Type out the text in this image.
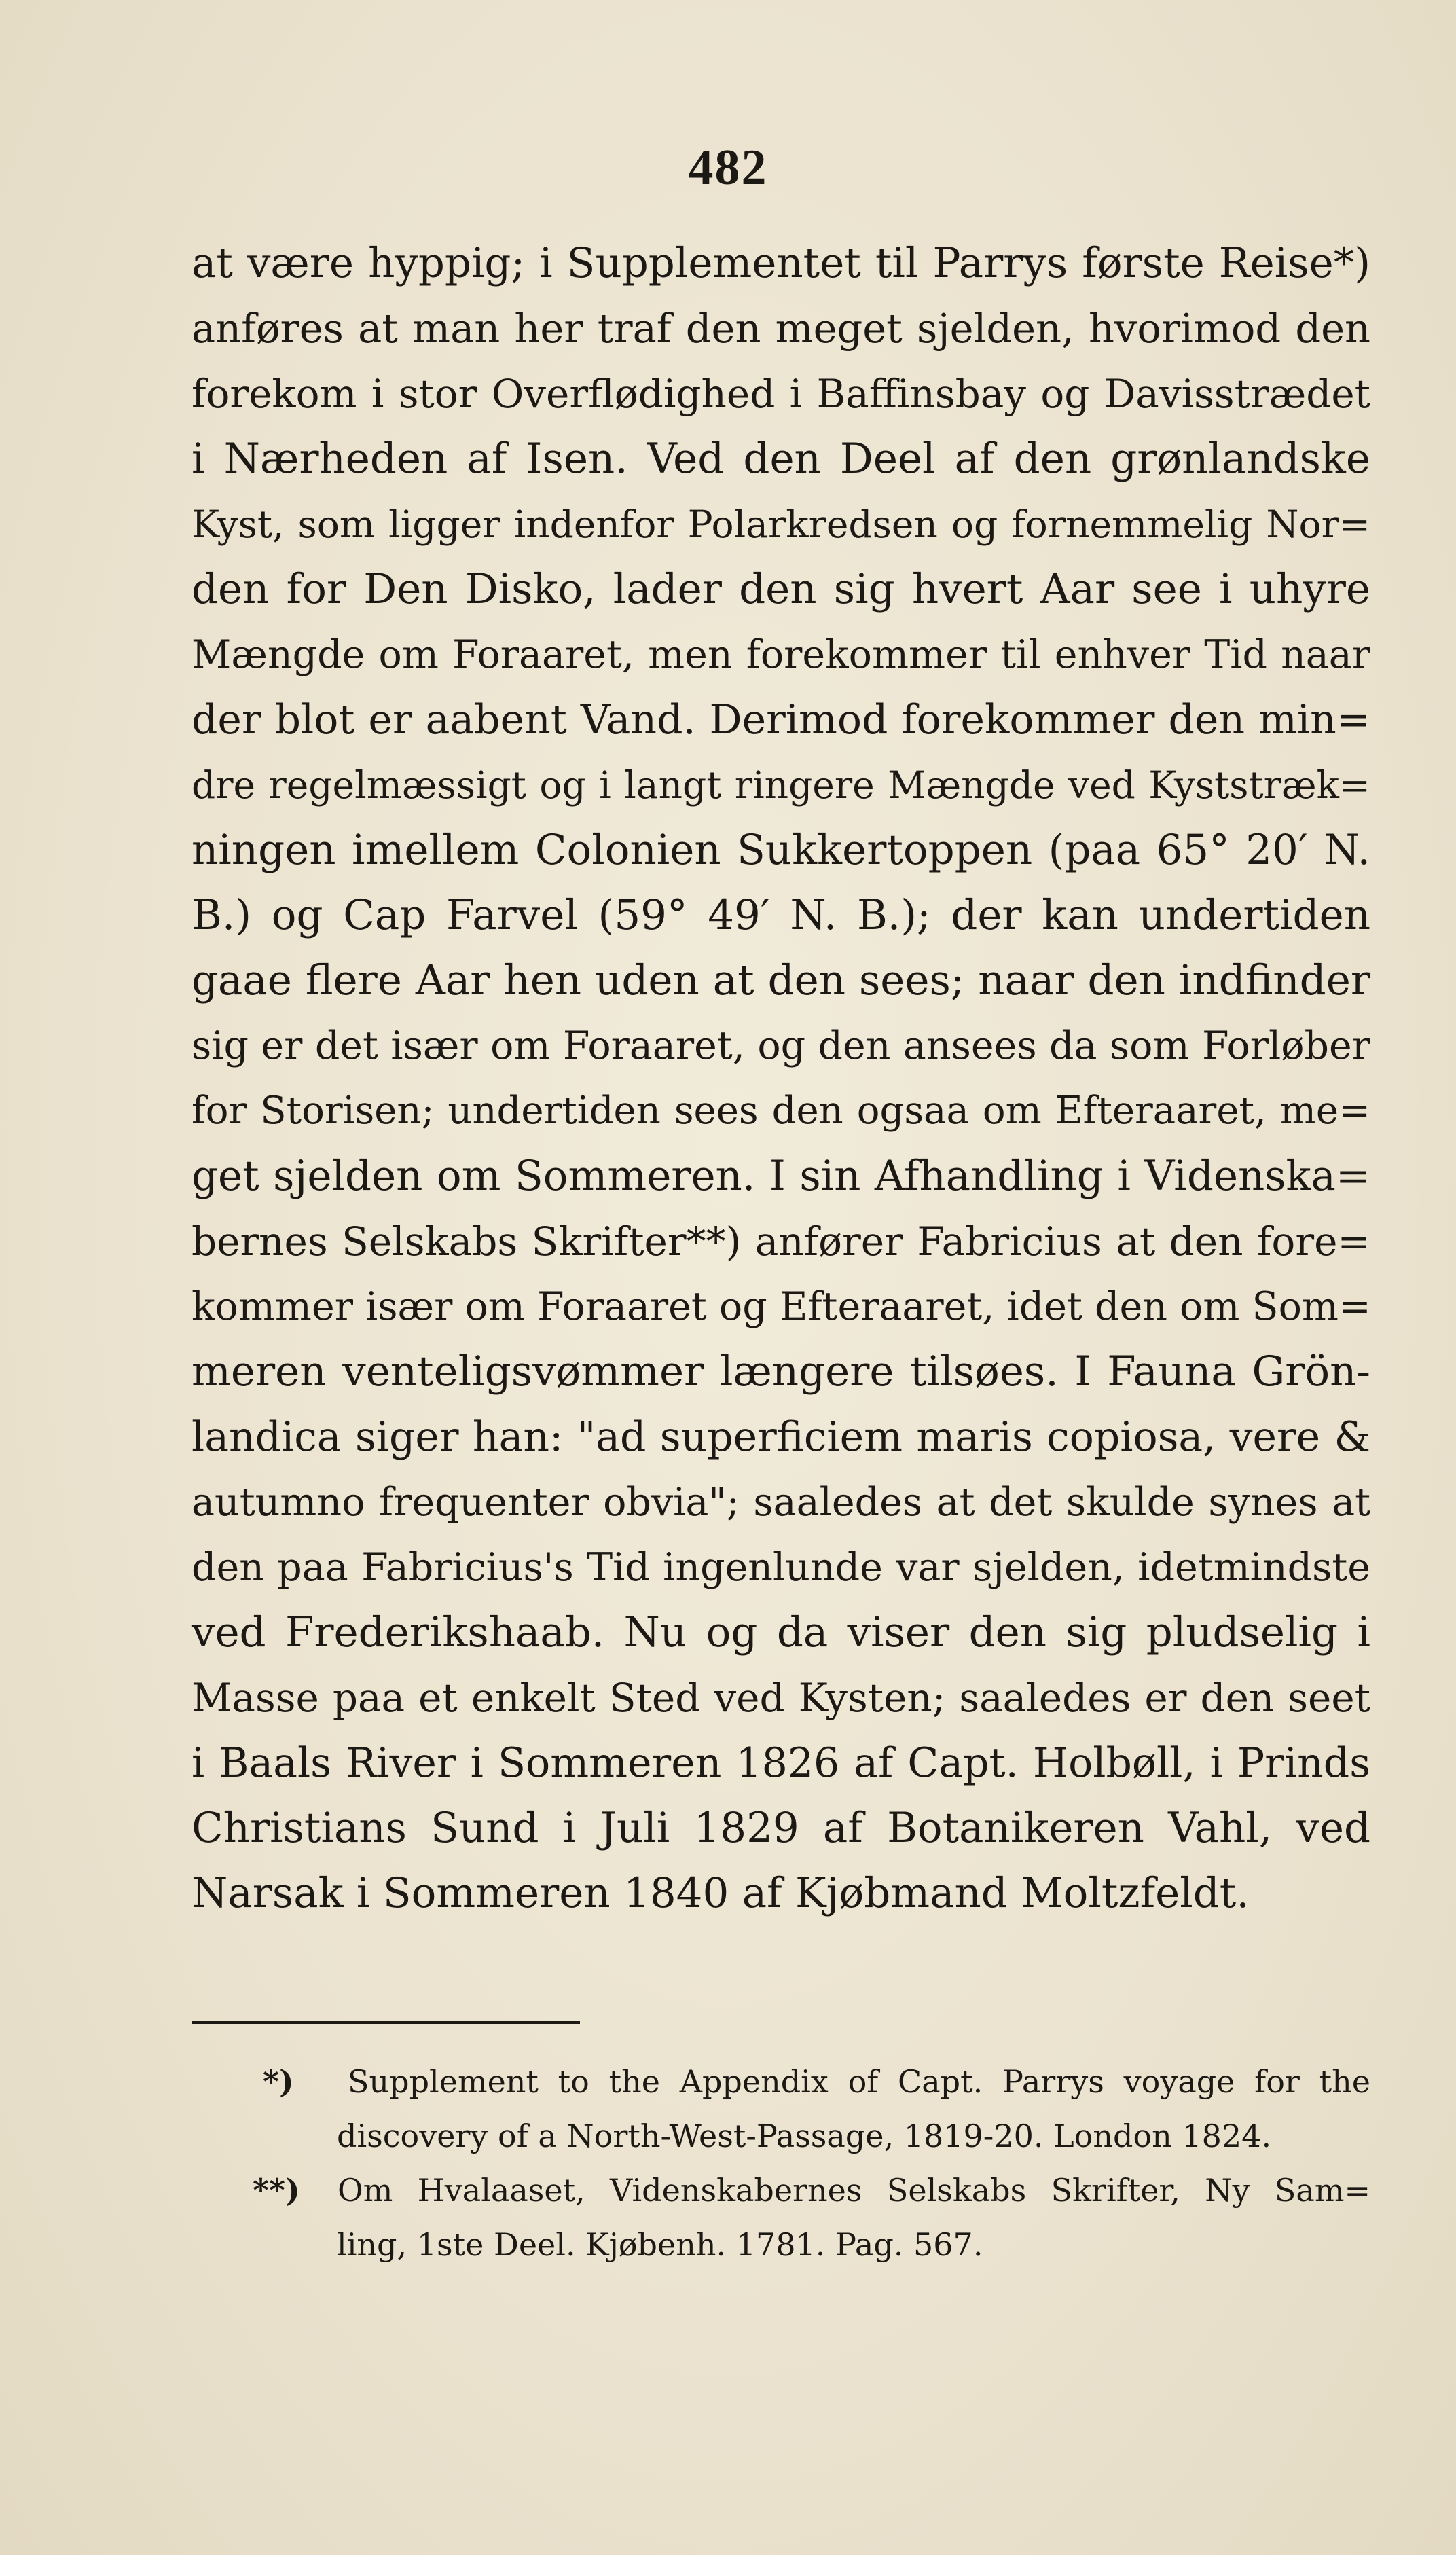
482
at være hyppig; i Supplementet til Parrys første Reise*)
anføres at man her traf den meget sjelden, hvorimod den
forekom i stor Overflødighed i Baffinsbay og Davisstrædet
i Nærheden af Isen. Ved den Deel af den grønlandske
Kyst, som ligger indenfor Polarkredsen og fornemmelig Nor=
den for Den Disko, lader den sig hvert Aar see i uhyre
Mængde om Foraaret, men forekommer til enhver Tid naar
der blot er aabent Vand. Derimod forekommer den min=
dre regelmæssigt og i langt ringere Mængde ved Kyststræk=
ningen imellem Colonien Sukkertoppen (paa 65° 20′ N.
B.) og Cap Farvel (59° 49′ N. B.); der kan undertiden
gaae flere Aar hen uden at den sees; naar den indfinder
sig er det især om Foraaret, og den ansees da som Forløber
for Storisen; undertiden sees den ogsaa om Efteraaret, me=
get sjelden om Sommeren. I sin Afhandling i Videnska=
bernes Selskabs Skrifter**) anfører Fabricius at den fore=
kommer især om Foraaret og Efteraaret, idet den om Som=
meren venteligsvømmer længere tilsøes. I Fauna Grön-
landica siger han: "ad superficiem maris copiosa, vere &
autumno frequenter obvia"; saaledes at det skulde synes at
den paa Fabricius's Tid ingenlunde var sjelden, idetmindste
ved Frederikshaab. Nu og da viser den sig pludselig i
Masse paa et enkelt Sted ved Kysten; saaledes er den seet
i Baals River i Sommeren 1826 af Capt. Holbøll, i Prinds
Christians Sund i Juli 1829 af Botanikeren Vahl, ved
Narsak i Sommeren 1840 af Kjøbmand Moltzfeldt.
*) Supplement to the Appendix of Capt. Parrys voyage for the
discovery of a North-West-Passage, 1819-20. London 1824.
**) Om Hvalaaset, Videnskabernes Selskabs Skrifter, Ny Sam=
ling, 1ste Deel. Kjøbenh. 1781. Pag. 567.
